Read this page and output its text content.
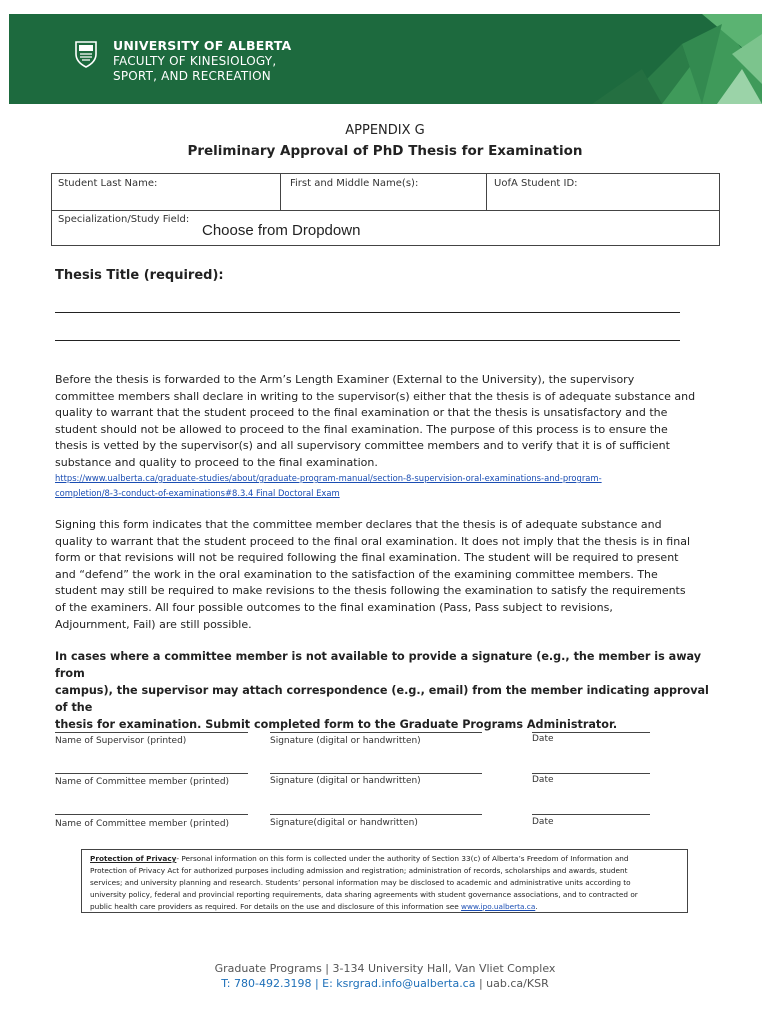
UNIVERSITY OF ALBERTA
FACULTY OF KINESIOLOGY,
SPORT, AND RECREATION
APPENDIX G
Preliminary Approval of PhD Thesis for Examination
Student Last Name:	First and Middle Name(s):	UofA Student ID:
Specialization/Study Field:
Choose from Dropdown
Thesis Title (required):
Before the thesis is forwarded to the Arm’s Length Examiner (External to the University), the supervisory
committee members shall declare in writing to the supervisor(s) either that the thesis is of adequate substance and
quality to warrant that the student proceed to the final examination or that the thesis is unsatisfactory and the
student should not be allowed to proceed to the final examination. The purpose of this process is to ensure the
thesis is vetted by the supervisor(s) and all supervisory committee members and to verify that it is of sufficient
substance and quality to proceed to the final examination.
https://www.ualberta.ca/graduate-studies/about/graduate-program-manual/section-8-supervision-oral-examinations-and-program-
completion/8-3-conduct-of-examinations#8.3.4 Final Doctoral Exam
Signing this form indicates that the committee member declares that the thesis is of adequate substance and
quality to warrant that the student proceed to the final oral examination. It does not imply that the thesis is in final
form or that revisions will not be required following the final examination. The student will be required to present
and “defend” the work in the oral examination to the satisfaction of the examining committee members. The
student may still be required to make revisions to the thesis following the examination to satisfy the requirements
of the examiners. All four possible outcomes to the final examination (Pass, Pass subject to revisions,
Adjournment, Fail) are still possible.
In cases where a committee member is not available to provide a signature (e.g., the member is away from
campus), the supervisor may attach correspondence (e.g., email) from the member indicating approval of the
thesis for examination. Submit completed form to the Graduate Programs Administrator.
Name of Supervisor (printed)	Signature (digital or handwritten)	Date
Name of Committee member (printed)	Signature (digital or handwritten)	Date
Name of Committee member (printed)	Signature(digital or handwritten)	Date
Protection of Privacy- Personal information on this form is collected under the authority of Section 33(c) of Alberta’s Freedom of Information and
Protection of Privacy Act for authorized purposes including admission and registration; administration of records, scholarships and awards, student
services; and university planning and research. Students’ personal information may be disclosed to academic and administrative units according to
university policy, federal and provincial reporting requirements, data sharing agreements with student governance associations, and to contracted or
public health care providers as required. For details on the use and disclosure of this information see www.ipo.ualberta.ca.
Graduate Programs | 3-134 University Hall, Van Vliet Complex
T: 780-492.3198 | E: ksrgrad.info@ualberta.ca | uab.ca/KSR
